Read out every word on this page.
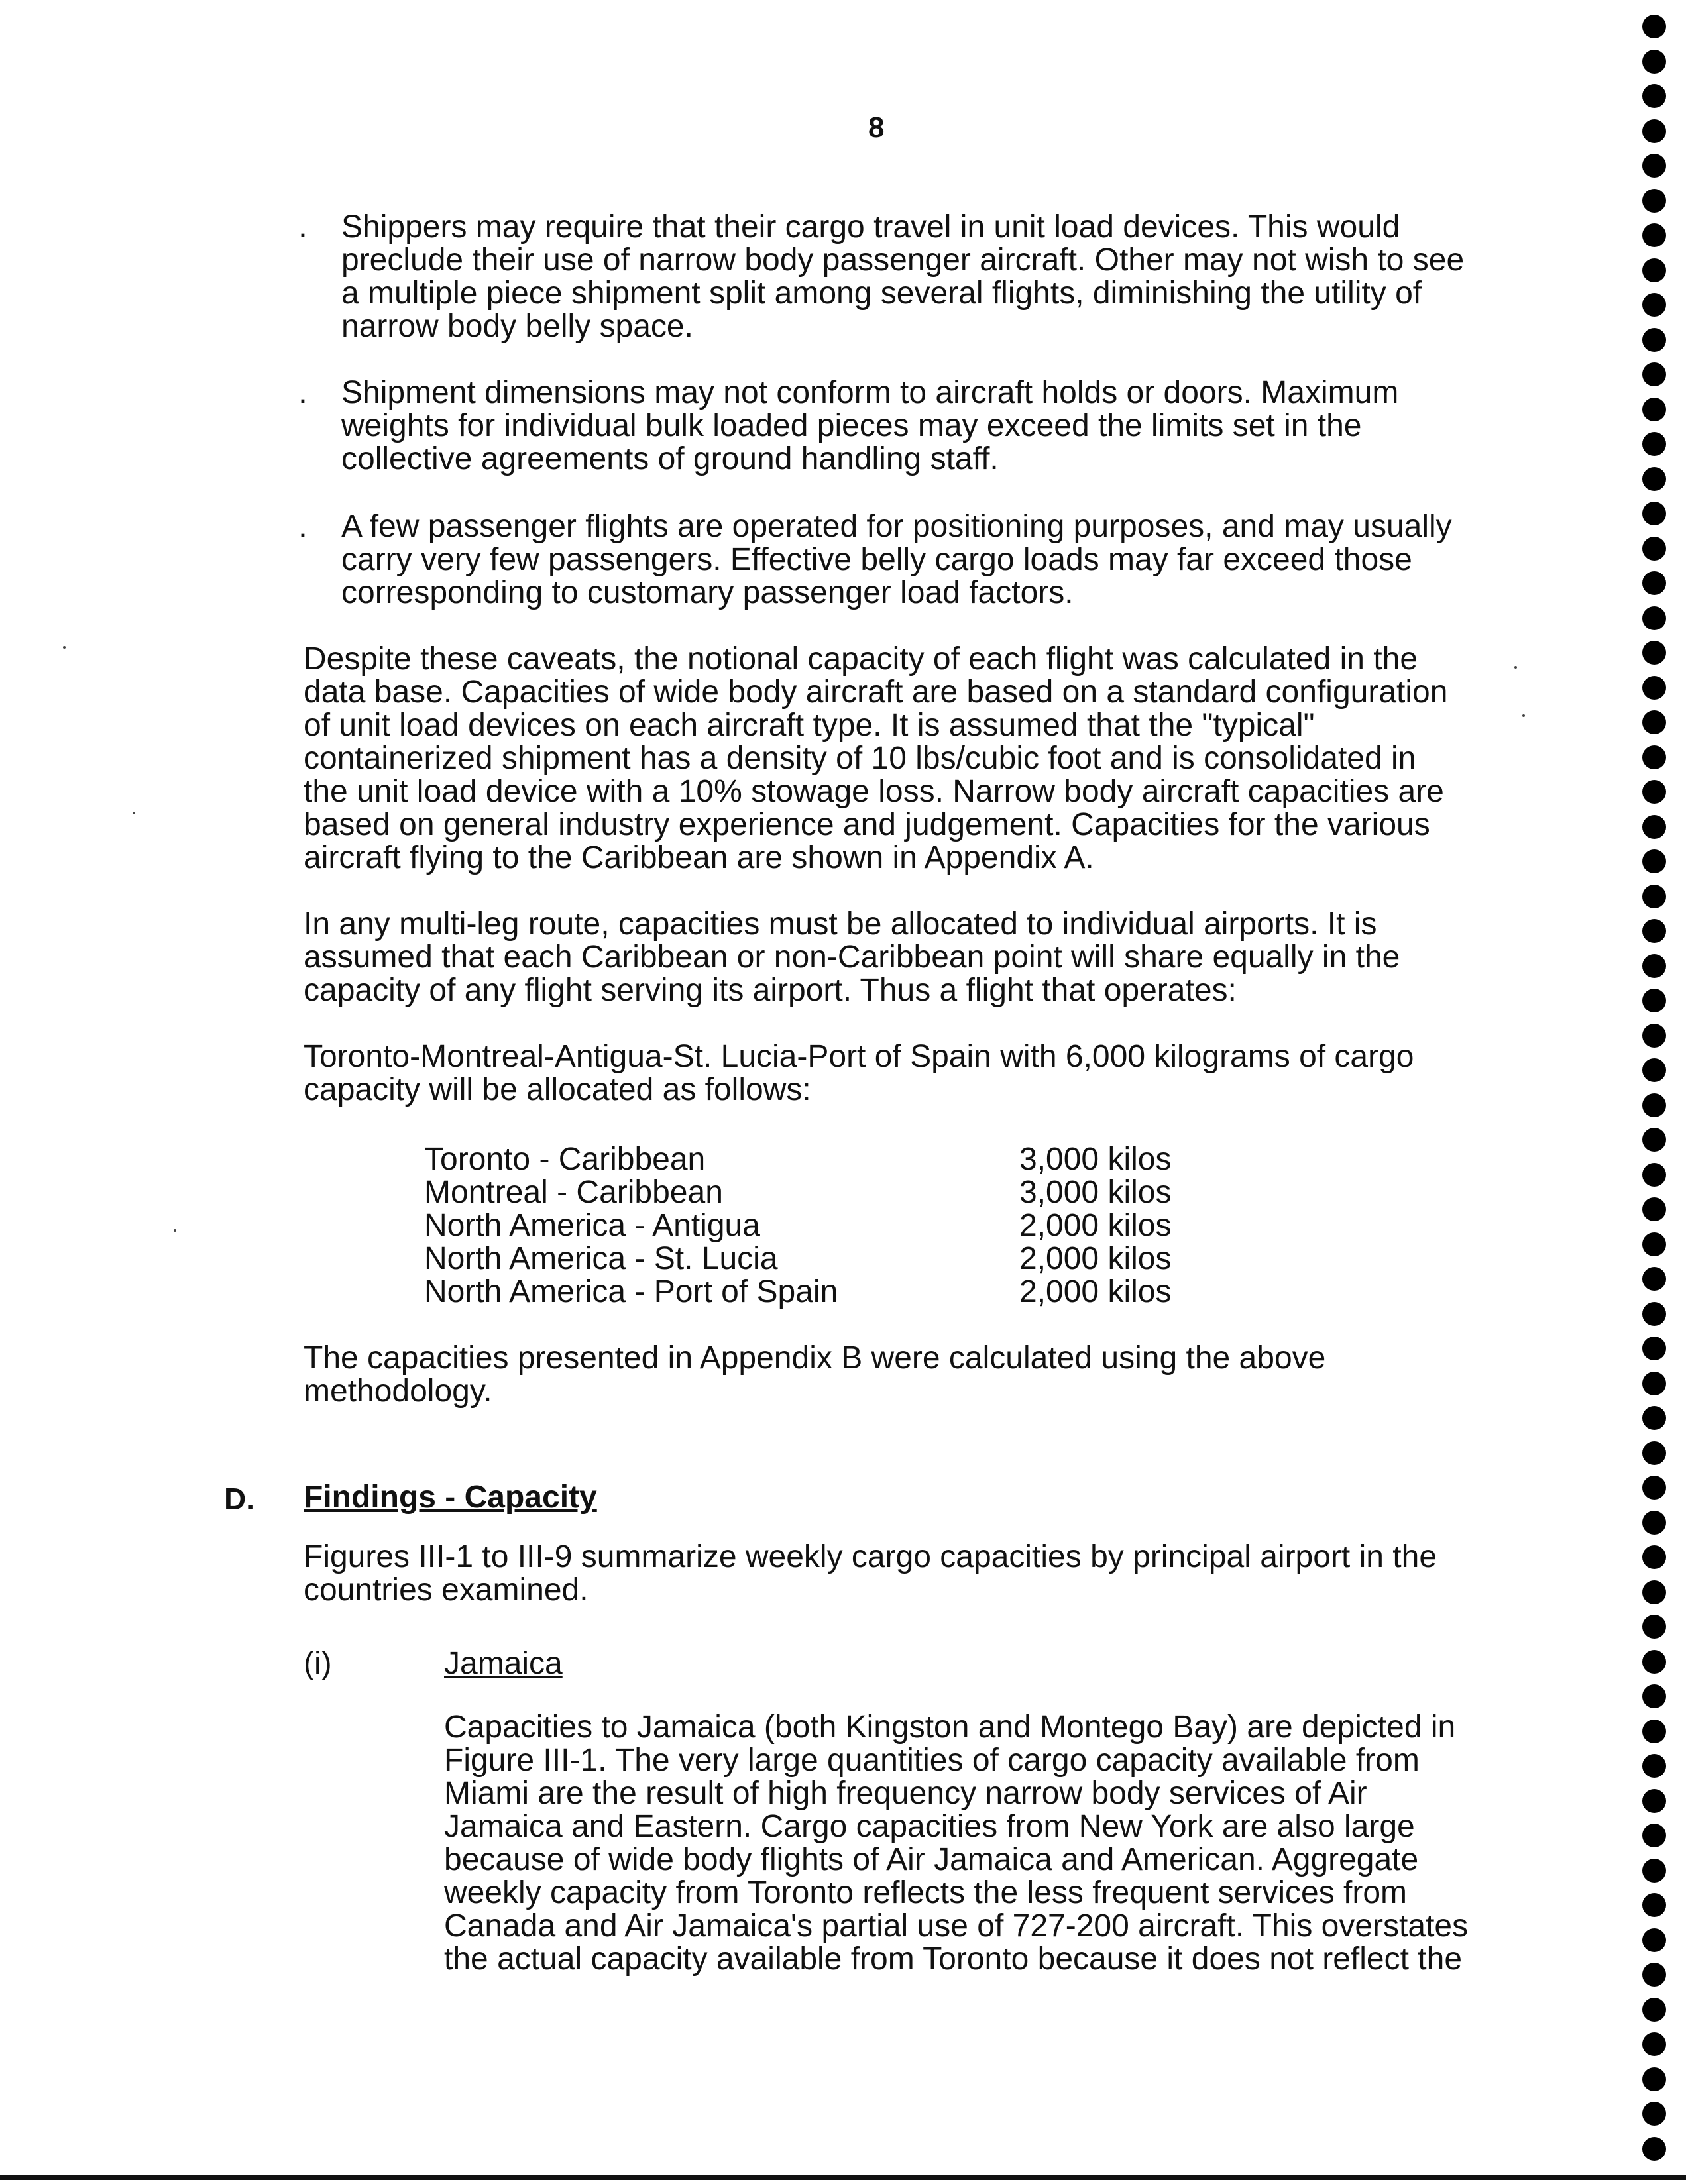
8
. Shippers may require that their cargo travel in unit load devices. This would
preclude their use of narrow body passenger aircraft. Other may not wish to see
a multiple piece shipment split among several flights, diminishing the utility of
narrow body belly space.
. Shipment dimensions may not conform to aircraft holds or doors. Maximum
weights for individual bulk loaded pieces may exceed the limits set in the
collective agreements of ground handling staff.
. A few passenger flights are operated for positioning purposes, and may usually
carry very few passengers. Effective belly cargo loads may far exceed those
corresponding to customary passenger load factors.
Despite these caveats, the notional capacity of each flight was calculated in the
data base. Capacities of wide body aircraft are based on a standard configuration
of unit load devices on each aircraft type. It is assumed that the "typical"
containerized shipment has a density of 10 lbs/cubic foot and is consolidated in
the unit load device with a 10% stowage loss. Narrow body aircraft capacities are
based on general industry experience and judgement. Capacities for the various
aircraft flying to the Caribbean are shown in Appendix A.
In any multi-leg route, capacities must be allocated to individual airports. It is
assumed that each Caribbean or non-Caribbean point will share equally in the
capacity of any flight serving its airport. Thus a flight that operates:
Toronto-Montreal-Antigua-St. Lucia-Port of Spain with 6,000 kilograms of cargo
capacity will be allocated as follows:
Toronto - Caribbean	3,000 kilos
Montreal - Caribbean	3,000 kilos
North America - Antigua	2,000 kilos
North America - St. Lucia	2,000 kilos
North America - Port of Spain	2,000 kilos
The capacities presented in Appendix B were calculated using the above
methodology.
D. Findings - Capacity
Figures III-1 to III-9 summarize weekly cargo capacities by principal airport in the
countries examined.
(i)	Jamaica
Capacities to Jamaica (both Kingston and Montego Bay) are depicted in
Figure III-1. The very large quantities of cargo capacity available from
Miami are the result of high frequency narrow body services of Air
Jamaica and Eastern. Cargo capacities from New York are also large
because of wide body flights of Air Jamaica and American. Aggregate
weekly capacity from Toronto reflects the less frequent services from
Canada and Air Jamaica's partial use of 727-200 aircraft. This overstates
the actual capacity available from Toronto because it does not reflect the
